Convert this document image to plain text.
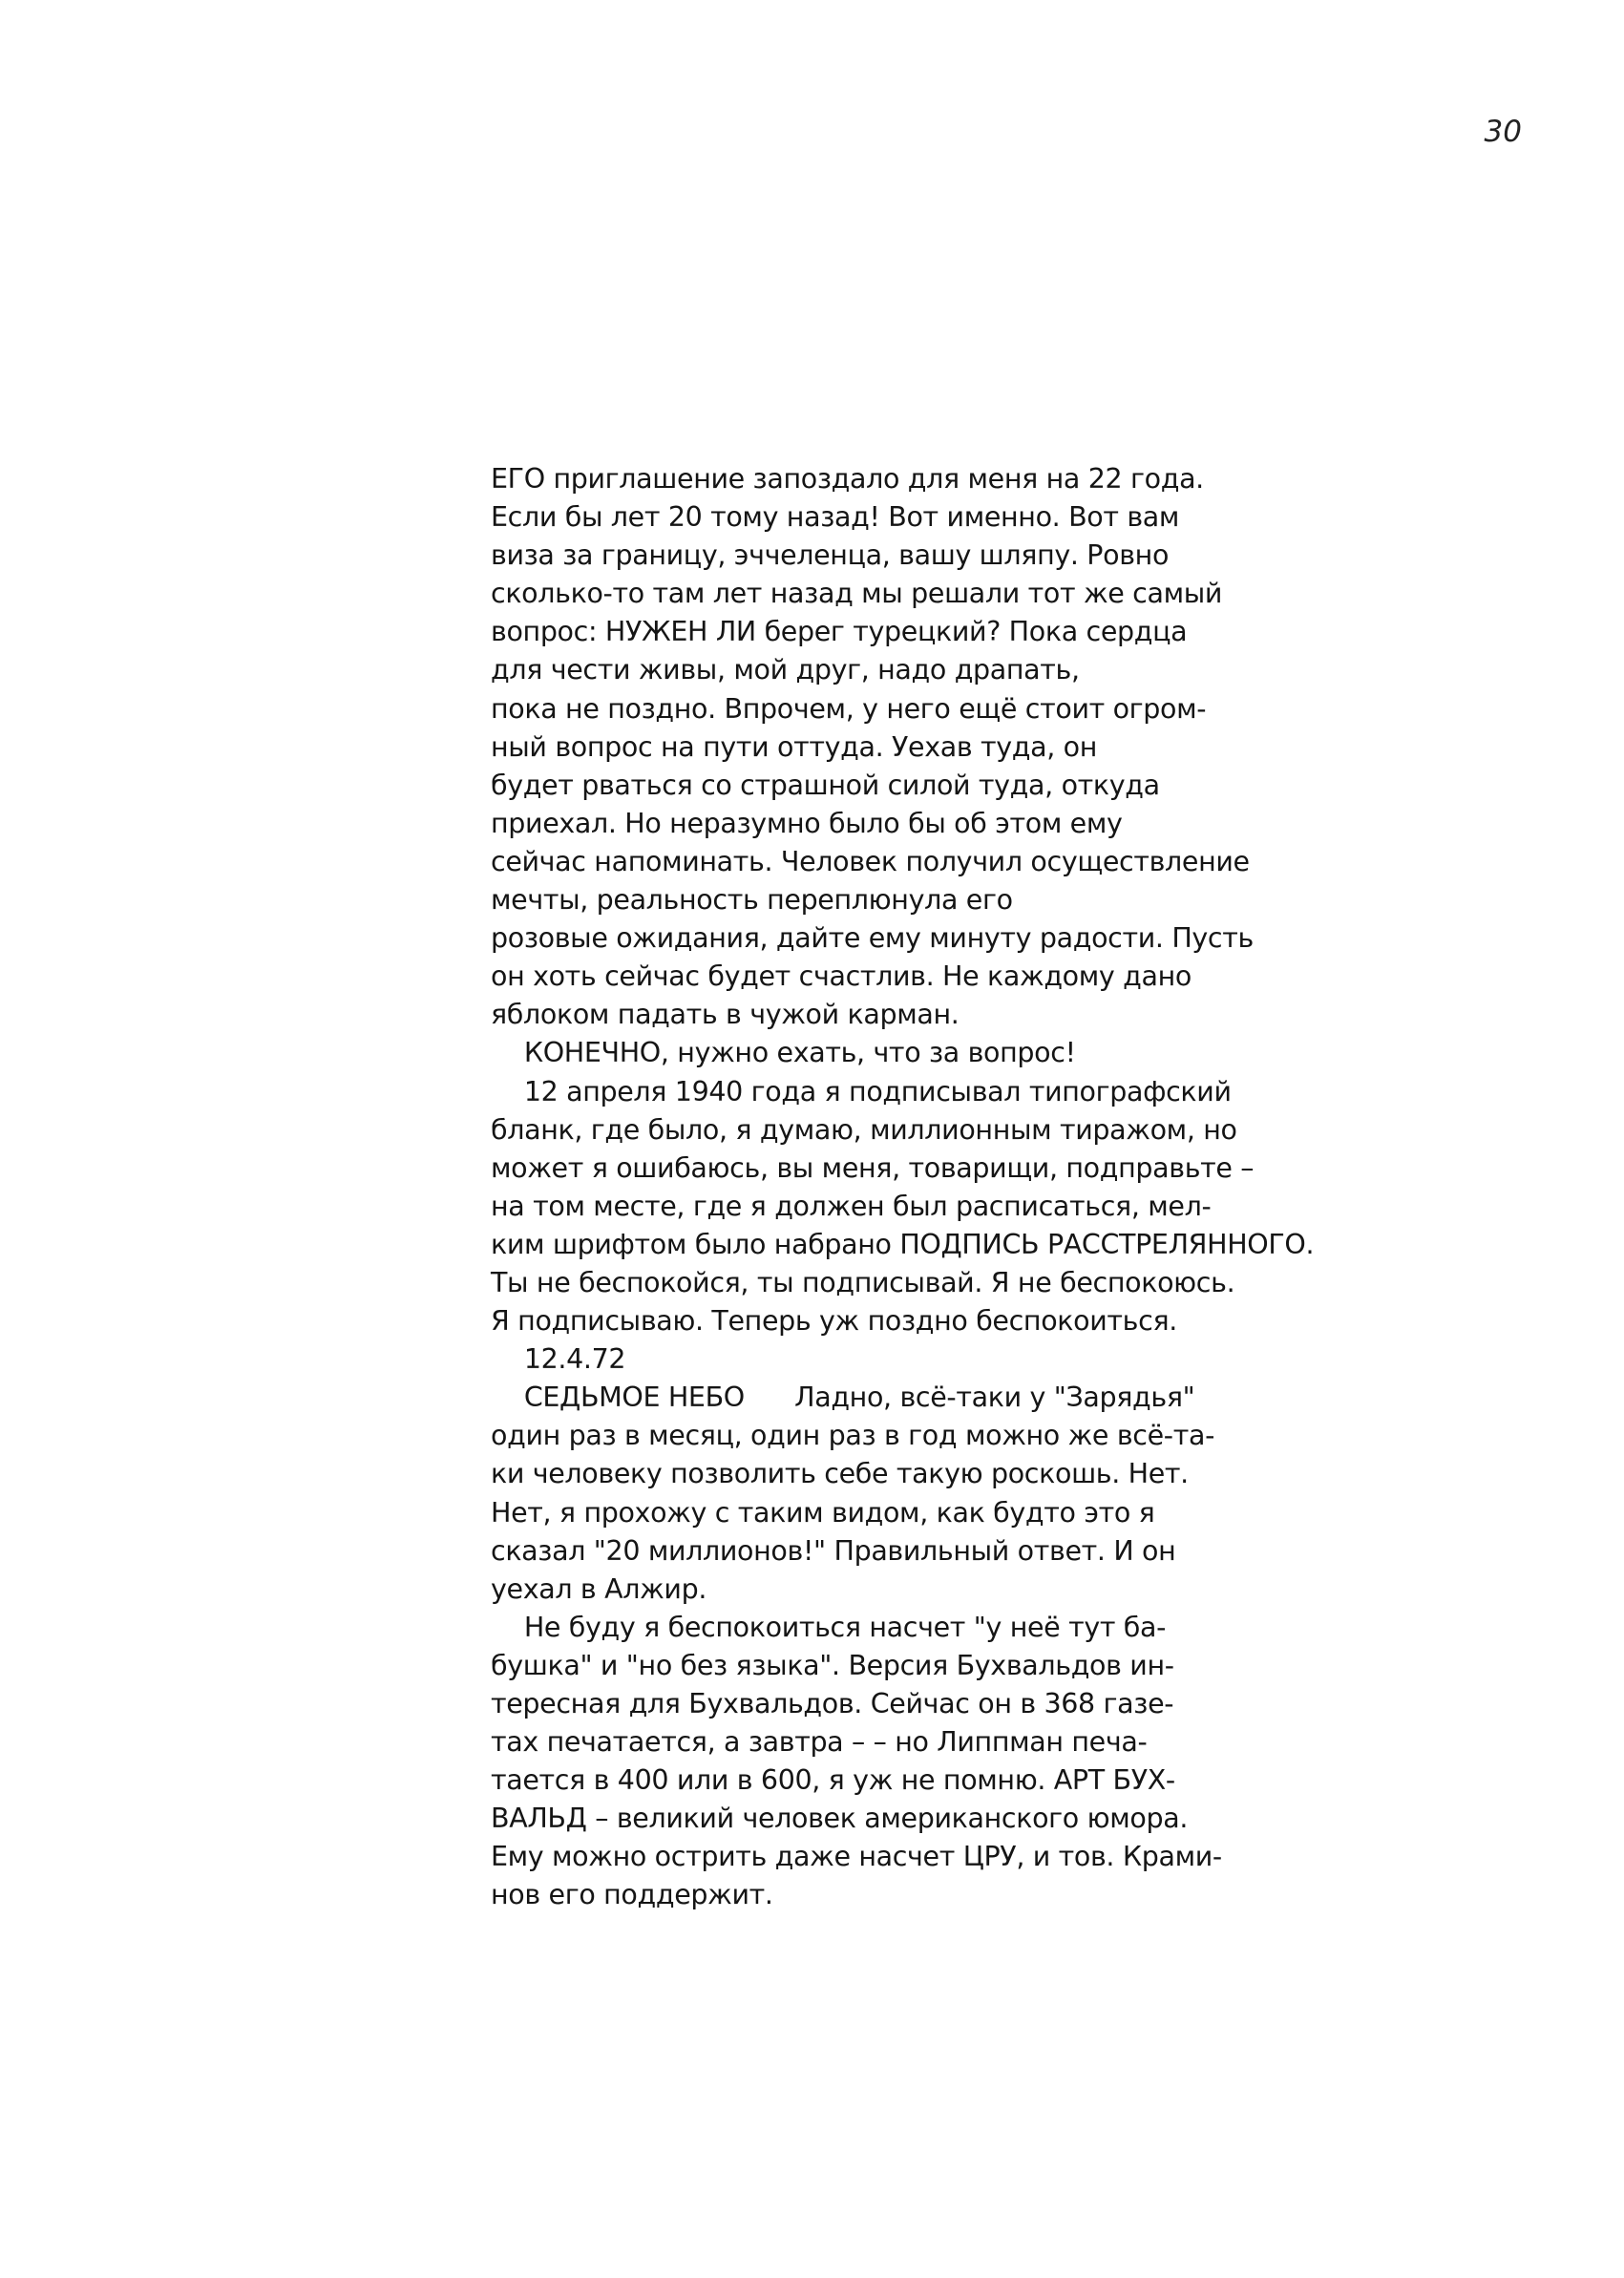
30
ЕГО приглашение запоздало для меня на 22 года.
Если бы лет 20 тому назад! Вот именно. Вот вам
виза за границу, эччеленца, вашу шляпу. Ровно
сколько-то там лет назад мы решали тот же самый
вопрос: НУЖЕН ЛИ берег турецкий? Пока сердца
для чести живы, мой друг, надо драпать,
пока не поздно. Впрочем, у него ещё стоит огром-
ный вопрос на пути оттуда. Уехав туда, он
будет рваться со страшной силой туда, откуда
приехал. Но неразумно было бы об этом ему
сейчас напоминать. Человек получил осуществление
мечты, реальность переплюнула его
розовые ожидания, дайте ему минуту радости. Пусть
он хоть сейчас будет счастлив. Не каждому дано
яблоком падать в чужой карман.
КОНЕЧНО, нужно ехать, что за вопрос!
12 апреля 1940 года я подписывал типографский
бланк, где было, я думаю, миллионным тиражом, но
может я ошибаюсь, вы меня, товарищи, подправьте –
на том месте, где я должен был расписаться, мел-
ким шрифтом было набрано ПОДПИСЬ РАССТРЕЛЯННОГО.
Ты не беспокойся, ты подписывай. Я не беспокоюсь.
Я подписываю. Теперь уж поздно беспокоиться.
12.4.72
СЕДЬМОЕ НЕБО      Ладно, всё-таки у "Зарядья"
один раз в месяц, один раз в год можно же всё-та-
ки человеку позволить себе такую роскошь. Нет.
Нет, я прохожу с таким видом, как будто это я
сказал "20 миллионов!" Правильный ответ. И он
уехал в Алжир.
Не буду я беспокоиться насчет "у неё тут ба-
бушка" и "но без языка". Версия Бухвальдов ин-
тересная для Бухвальдов. Сейчас он в 368 газе-
тах печатается, а завтра – – но Липпман печа-
тается в 400 или в 600, я уж не помню. АРТ БУХ-
ВАЛЬД – великий человек американского юмора.
Ему можно острить даже насчет ЦРУ, и тов. Крами-
нов его поддержит.
